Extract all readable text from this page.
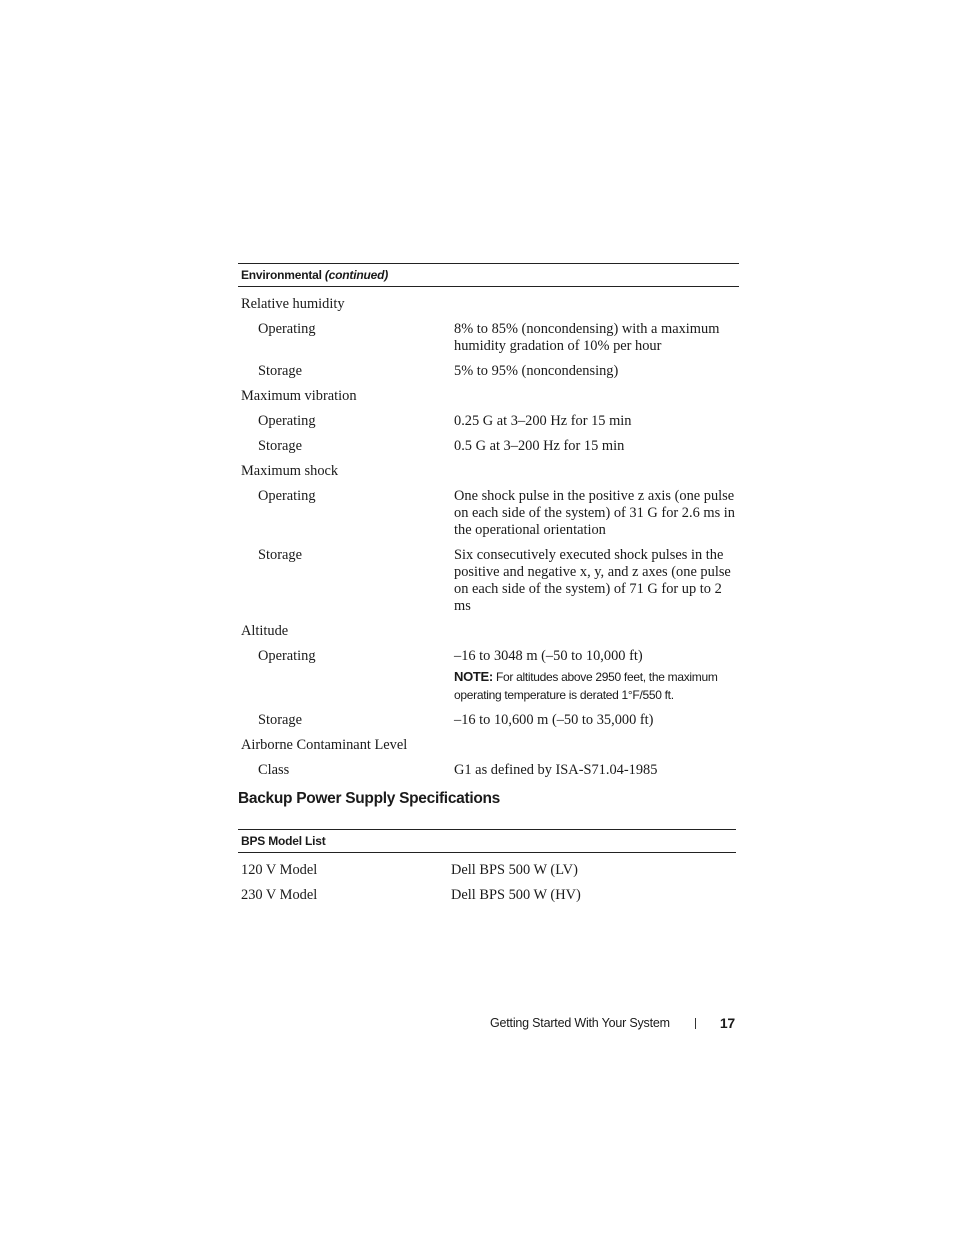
Environmental (continued)
Relative humidity
Operating	8% to 85% (noncondensing) with a maximum humidity gradation of 10% per hour
Storage	5% to 95% (noncondensing)
Maximum vibration
Operating	0.25 G at 3–200 Hz for 15 min
Storage	0.5 G at 3–200 Hz for 15 min
Maximum shock
Operating	One shock pulse in the positive z axis (one pulse on each side of the system) of 31 G for 2.6 ms in the operational orientation
Storage	Six consecutively executed shock pulses in the positive and negative x, y, and z axes (one pulse on each side of the system) of 71 G for up to 2 ms
Altitude
Operating	–16 to 3048 m (–50 to 10,000 ft)
NOTE: For altitudes above 2950 feet, the maximum operating temperature is derated 1°F/550 ft.
Storage	–16 to 10,600 m (–50 to 35,000 ft)
Airborne Contaminant Level
Class	G1 as defined by ISA-S71.04-1985
Backup Power Supply Specifications
BPS Model List
120 V Model	Dell BPS 500 W (LV)
230 V Model	Dell BPS 500 W (HV)
Getting Started With Your System	17
